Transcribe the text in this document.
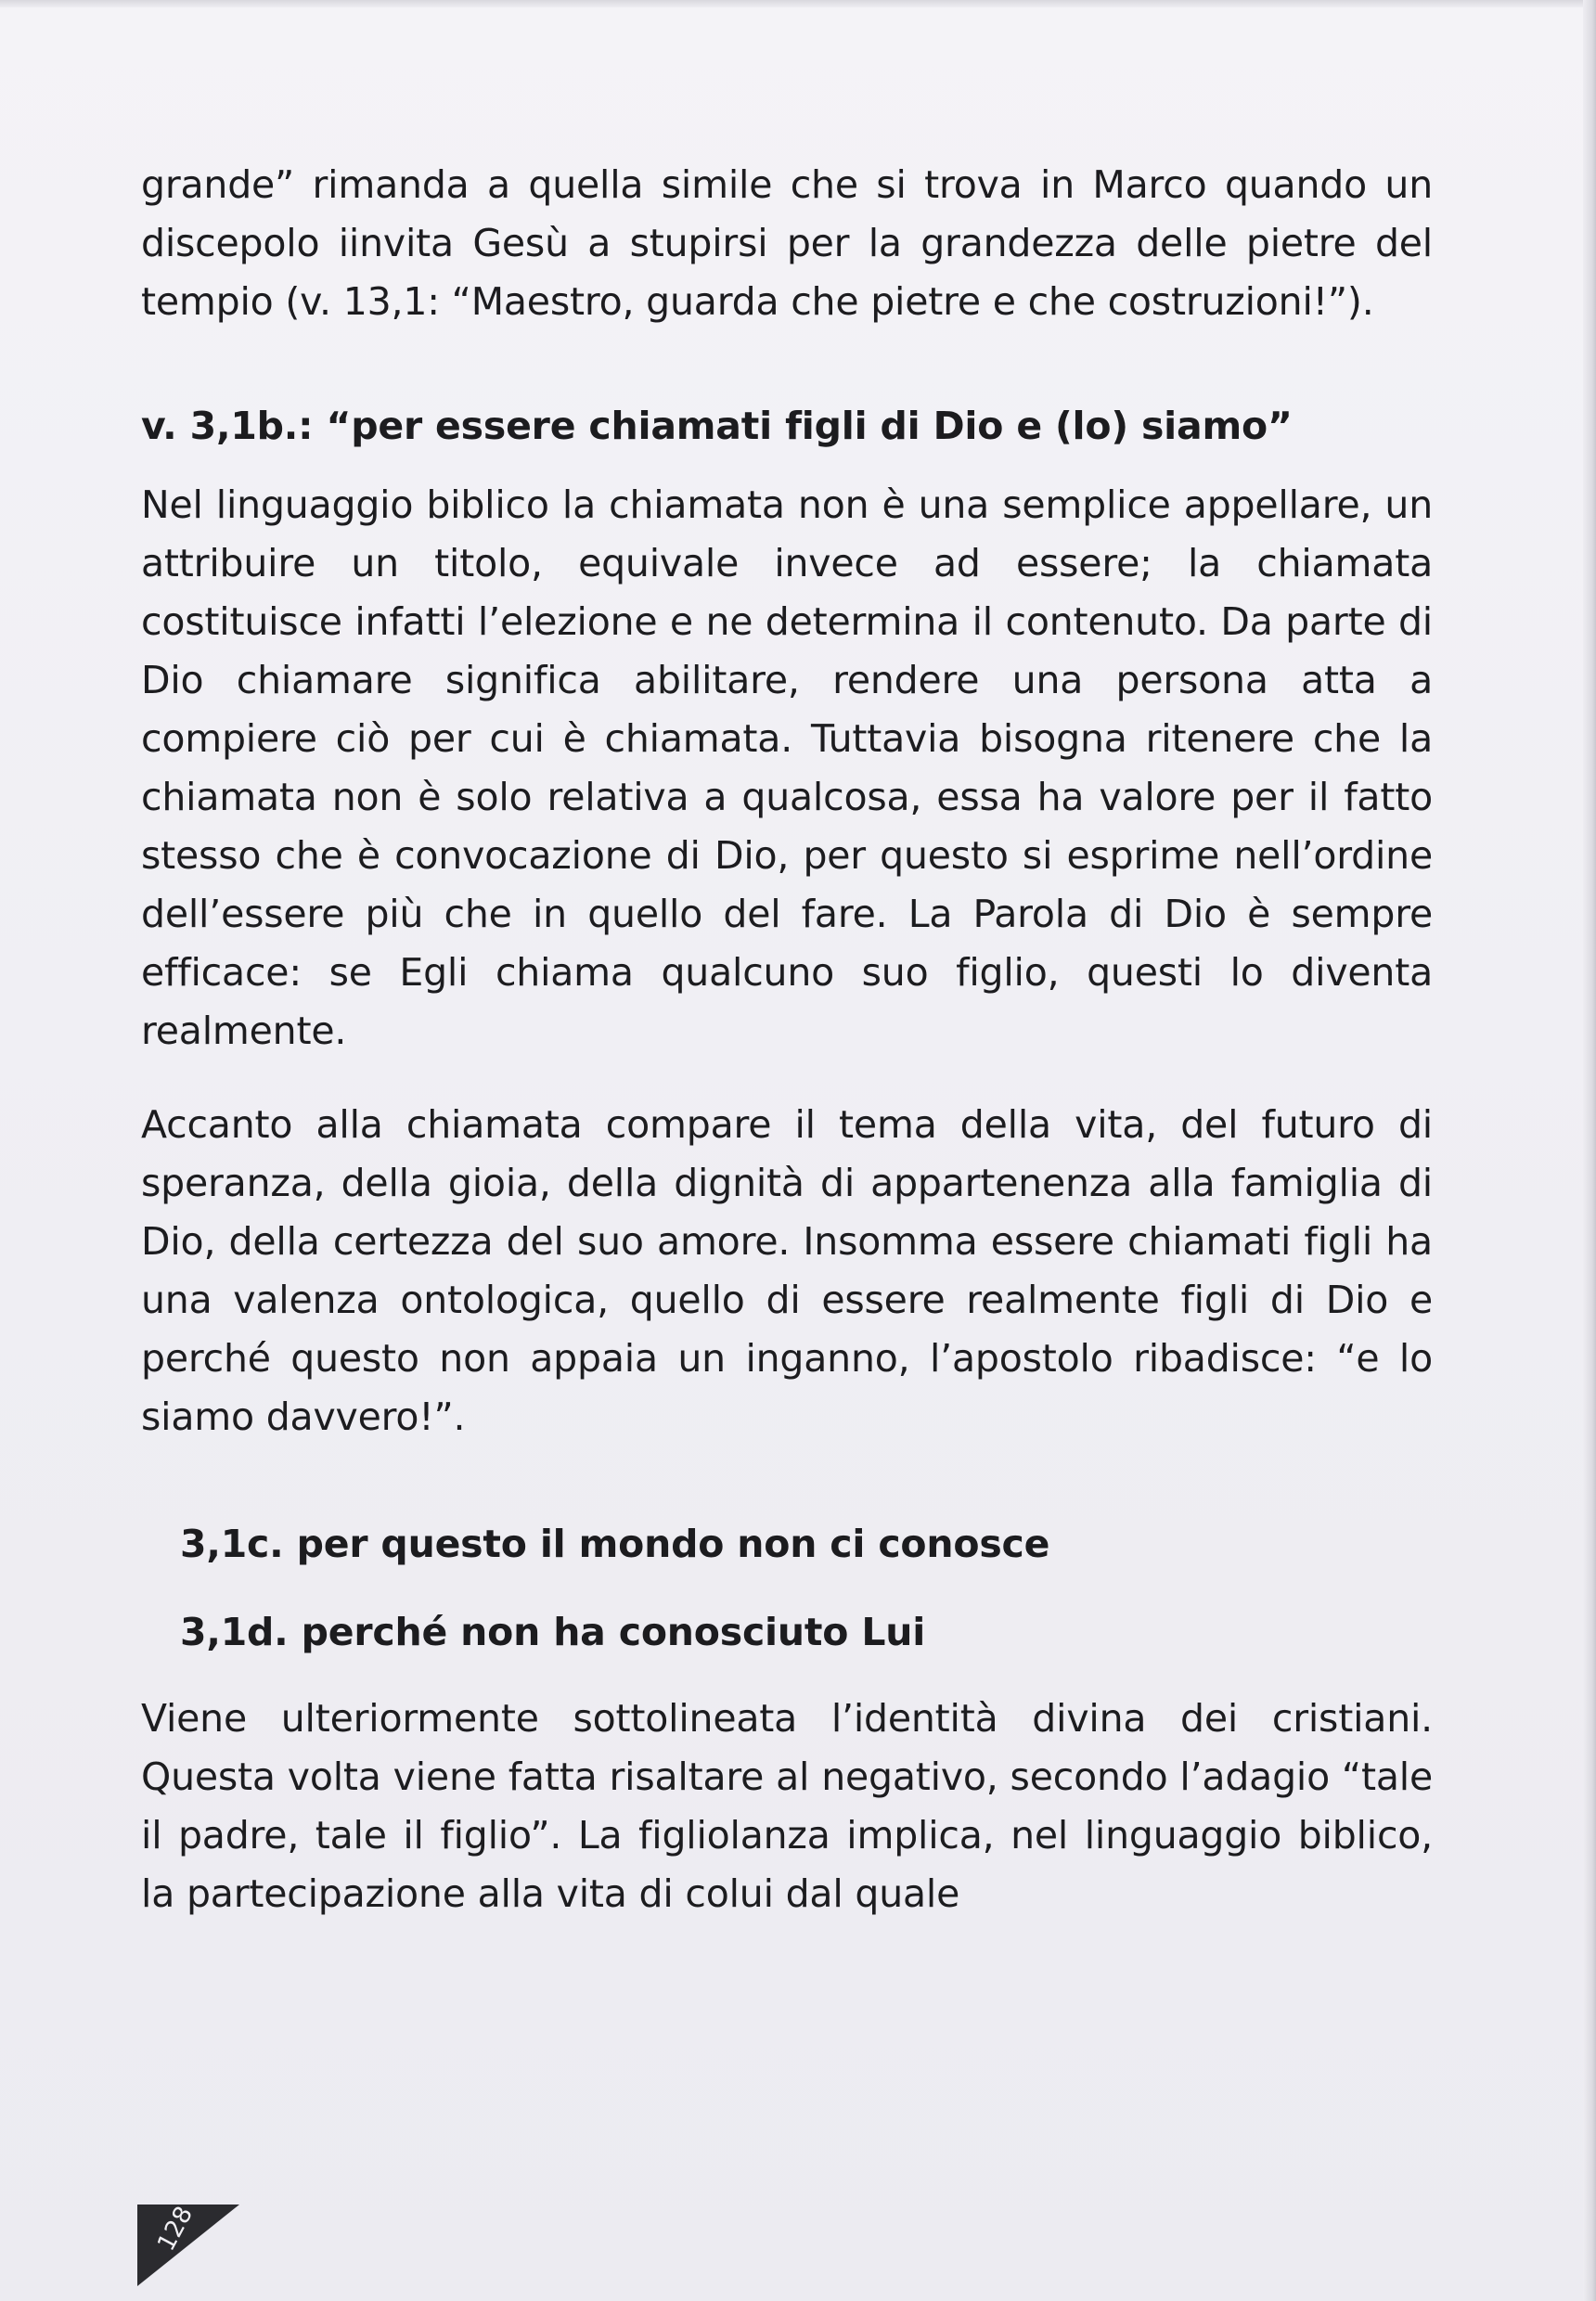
grande” rimanda a quella simile che si trova in Marco quando un discepolo iinvita Gesù a stupirsi per la grandezza delle pietre del tempio (v. 13,1: “Maestro, guarda che pietre e che costruzioni!”).

v. 3,1b.: “per essere chiamati figli di Dio e (lo) siamo”

Nel linguaggio biblico la chiamata non è una semplice appellare, un attribuire un titolo, equivale invece ad essere; la chiamata costituisce infatti l’elezione e ne determina il contenuto. Da parte di Dio chiamare significa abilitare, rendere una persona atta a compiere ciò per cui è chiamata. Tuttavia bisogna ritenere che la chiamata non è solo relativa a qualcosa, essa ha valore per il fatto stesso che è convocazione di Dio, per questo si esprime nell’ordine dell’essere più che in quello del fare. La Parola di Dio è sempre efficace: se Egli chiama qualcuno suo figlio, questi lo diventa realmente.

Accanto alla chiamata compare il tema della vita, del futuro di speranza, della gioia, della dignità di appartenenza alla famiglia di Dio, della certezza del suo amore. Insomma essere chiamati figli ha una valenza ontologica, quello di essere realmente figli di Dio e perché questo non appaia un inganno, l’apostolo ribadisce: “e lo siamo davvero!”.

3,1c. per questo il mondo non ci conosce

3,1d. perché non ha conosciuto Lui

Viene ulteriormente sottolineata l’identità divina dei cristiani. Questa volta viene fatta risaltare al negativo, secondo l’adagio “tale il padre, tale il figlio”. La figliolanza implica, nel linguaggio biblico, la partecipazione alla vita di colui dal quale

128
